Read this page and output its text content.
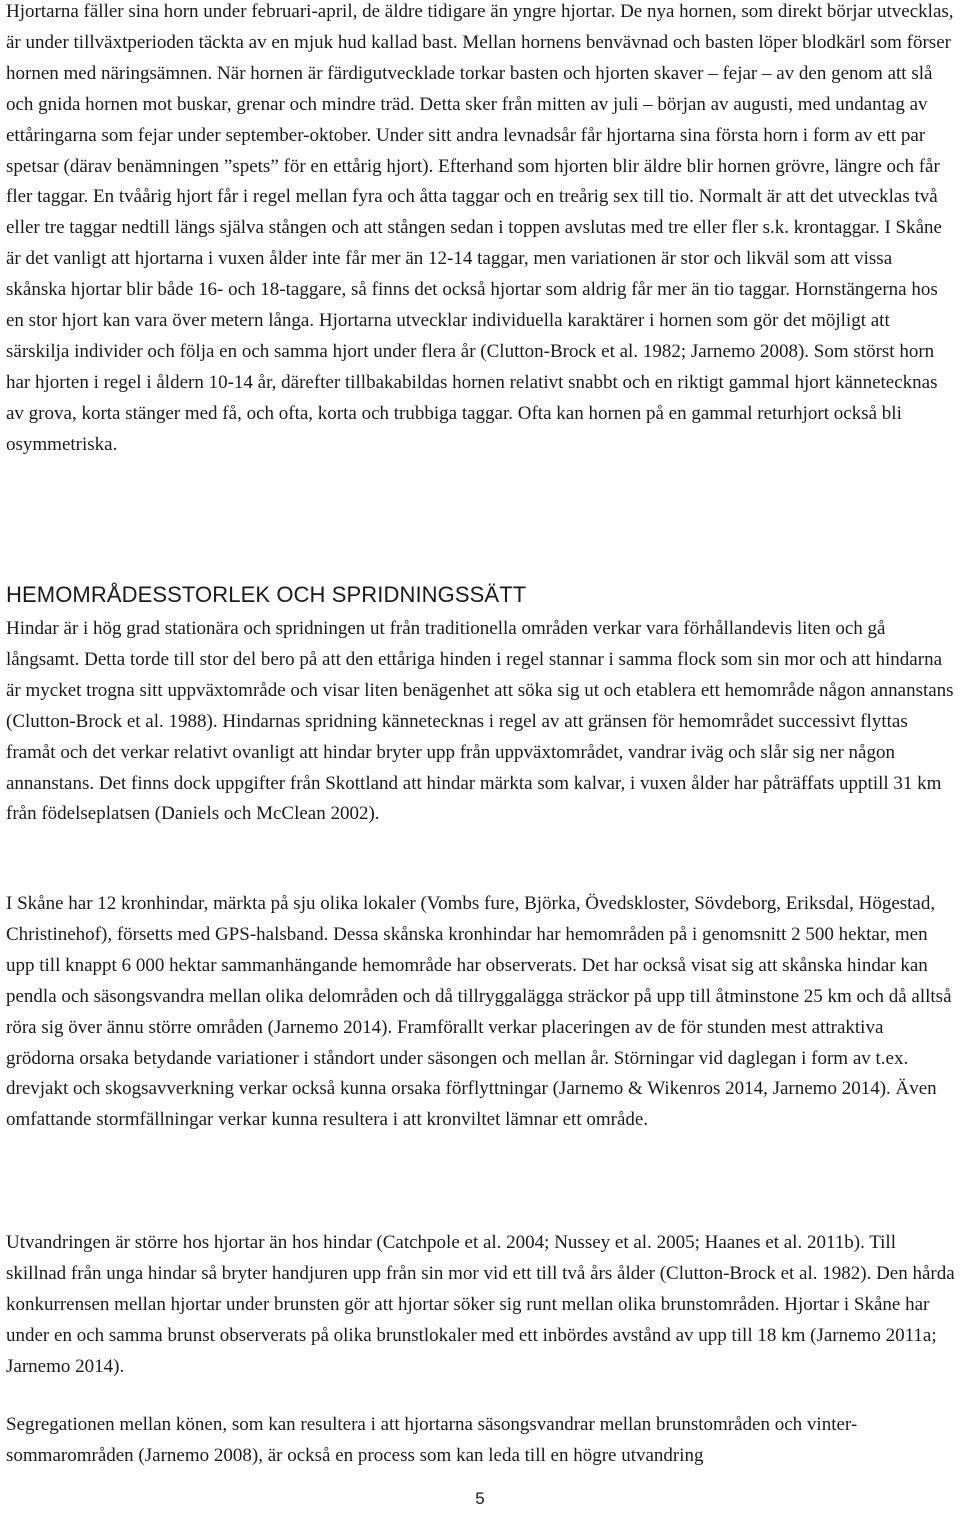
Hjortarna fäller sina horn under februari-april, de äldre tidigare än yngre hjortar. De nya hornen, som direkt börjar utvecklas, är under tillväxtperioden täckta av en mjuk hud kallad bast. Mellan hornens benvävnad och basten löper blodkärl som förser hornen med näringsämnen. När hornen är färdigutvecklade torkar basten och hjorten skaver – fejar – av den genom att slå och gnida hornen mot buskar, grenar och mindre träd. Detta sker från mitten av juli – början av augusti, med undantag av ettåringarna som fejar under september-oktober. Under sitt andra levnadsår får hjortarna sina första horn i form av ett par spetsar (därav benämningen ”spets” för en ettårig hjort). Efterhand som hjorten blir äldre blir hornen grövre, längre och får fler taggar. En tvåårig hjort får i regel mellan fyra och åtta taggar och en treårig sex till tio. Normalt är att det utvecklas två eller tre taggar nedtill längs själva stången och att stången sedan i toppen avslutas med tre eller fler s.k. krontaggar. I Skåne är det vanligt att hjortarna i vuxen ålder inte får mer än 12-14 taggar, men variationen är stor och likväl som att vissa skånska hjortar blir både 16- och 18-taggare, så finns det också hjortar som aldrig får mer än tio taggar. Hornstängerna hos en stor hjort kan vara över metern långa. Hjortarna utvecklar individuella karaktärer i hornen som gör det möjligt att särskilja individer och följa en och samma hjort under flera år (Clutton-Brock et al. 1982; Jarnemo 2008). Som störst horn har hjorten i regel i åldern 10-14 år, därefter tillbakabildas hornen relativt snabbt och en riktigt gammal hjort kännetecknas av grova, korta stänger med få, och ofta, korta och trubbiga taggar. Ofta kan hornen på en gammal returhjort också bli osymmetriska.

HEMOMRÅDESSTORLEK OCH SPRIDNINGSSÄTT

Hindar är i hög grad stationära och spridningen ut från traditionella områden verkar vara förhållandevis liten och gå långsamt. Detta torde till stor del bero på att den ettåriga hinden i regel stannar i samma flock som sin mor och att hindarna är mycket trogna sitt uppväxtområde och visar liten benägenhet att söka sig ut och etablera ett hemområde någon annanstans (Clutton-Brock et al. 1988). Hindarnas spridning kännetecknas i regel av att gränsen för hemområdet successivt flyttas framåt och det verkar relativt ovanligt att hindar bryter upp från uppväxtområdet, vandrar iväg och slår sig ner någon annanstans. Det finns dock uppgifter från Skottland att hindar märkta som kalvar, i vuxen ålder har påträffats upptill 31 km från födelseplatsen (Daniels och McClean 2002).

I Skåne har 12 kronhindar, märkta på sju olika lokaler (Vombs fure, Björka, Övedskloster, Sövdeborg, Eriksdal, Högestad, Christinehof), försetts med GPS-halsband. Dessa skånska kronhindar har hemområden på i genomsnitt 2 500 hektar, men upp till knappt 6 000 hektar sammanhängande hemområde har observerats. Det har också visat sig att skånska hindar kan pendla och säsongsvandra mellan olika delområden och då tillryggalägga sträckor på upp till åtminstone 25 km och då alltså röra sig över ännu större områden (Jarnemo 2014). Framförallt verkar placeringen av de för stunden mest attraktiva grödorna orsaka betydande variationer i ståndort under säsongen och mellan år. Störningar vid daglegan i form av t.ex. drevjakt och skogsavverkning verkar också kunna orsaka förflyttningar (Jarnemo & Wikenros 2014, Jarnemo 2014). Även omfattande stormfällningar verkar kunna resultera i att kronviltet lämnar ett område.

Utvandringen är större hos hjortar än hos hindar (Catchpole et al. 2004; Nussey et al. 2005; Haanes et al. 2011b). Till skillnad från unga hindar så bryter handjuren upp från sin mor vid ett till två års ålder (Clutton-Brock et al. 1982). Den hårda konkurrensen mellan hjortar under brunsten gör att hjortar söker sig runt mellan olika brunstområden. Hjortar i Skåne har under en och samma brunst observerats på olika brunstlokaler med ett inbördes avstånd av upp till 18 km (Jarnemo 2011a; Jarnemo 2014).

Segregationen mellan könen, som kan resultera i att hjortarna säsongsvandrar mellan brunstområden och vinter-sommarområden (Jarnemo 2008), är också en process som kan leda till en högre utvandring

5
